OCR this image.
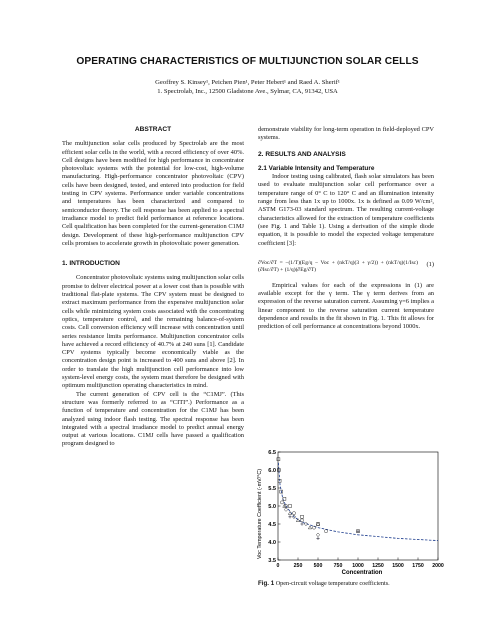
OPERATING CHARACTERISTICS OF MULTIJUNCTION SOLAR CELLS
Geoffrey S. Kinsey¹, Peichen Pien¹, Peter Hebert¹ and Raed A. Sherif¹
1. Spectrolab, Inc., 12500 Gladstone Ave., Sylmar, CA, 91342, USA
ABSTRACT

The multijunction solar cells produced by Spectrolab are the most efficient solar cells in the world, with a record efficiency of over 40%. Cell designs have been modified for high performance in concentrator photovoltaic systems with the potential for low-cost, high-volume manufacturing. High-performance concentrator photovoltaic (CPV) cells have been designed, tested, and entered into production for field testing in CPV systems. Performance under variable concentrations and temperatures has been characterized and compared to semiconductor theory. The cell response has been applied to a spectral irradiance model to predict field performance at reference locations. Cell qualification has been completed for the current-generation C1MJ design. Development of these high-performance multijunction CPV cells promises to accelerate growth in photovoltaic power generation.

1. INTRODUCTION

Concentrator photovoltaic systems using multijunction solar cells promise to deliver electrical power at a lower cost than is possible with traditional flat-plate systems. The CPV system must be designed to extract maximum performance from the expensive multijunction solar cells while minimizing system costs associated with the concentrating optics, temperature control, and the remaining balance-of-system costs. Cell conversion efficiency will increase with concentration until series resistance limits performance. Multijunction concentrator cells have achieved a record efficiency of 40.7% at 240 suns [1]. Candidate CPV systems typically become economically viable as the concentration design point is increased to 400 suns and above [2]. In order to translate the high multijunction cell performance into low system-level energy costs, the system must therefore be designed with optimum multijunction operating characteristics in mind.

The current generation of CPV cell is the “C1MJ”. (This structure was formerly referred to as “CITI”.) Performance as a function of temperature and concentration for the C1MJ has been analyzed using indoor flash testing. The spectral response has been integrated with a spectral irradiance model to predict annual energy output at various locations. C1MJ cells have passed a qualification program designed to

demonstrate viability for long-term operation in field-deployed CPV systems.

2. RESULTS AND ANALYSIS
2.1 Variable Intensity and Temperature

Indoor testing using calibrated, flash solar simulators has been used to evaluate multijunction solar cell performance over a temperature range of 0° C to 120° C and an illumination intensity range from less than 1x up to 1000x. 1x is defined as 0.09 W/cm², ASTM G173-03 standard spectrum. The resulting current-voltage characteristics allowed for the extraction of temperature coefficients (see Fig. 1 and Table 1). Using a derivation of the simple diode equation, it is possible to model the expected voltage temperature coefficient [3]:

∂Voc/∂T = −(1/T)(Eg/q − Voc + (nkT/q)(3 + γ/2)) + (nkT/q)(1/Isc)(∂Isc/∂T) + (1/q)(∂Eg/∂T)
(1)

Empirical values for each of the expressions in (1) are available except for the γ term. The γ term derives from an expression of the reverse saturation current. Assuming γ=6 implies a linear component to the reverse saturation current temperature dependence and results in the fit shown in Fig. 1. This fit allows for prediction of cell performance at concentrations beyond 1000x.

Voc Temperature Coefficient (-mV/°C)
Concentration
3.5
4.0
4.5
5.0
5.5
6.0
6.5
0	250 500 750 1000 1250 1500 1750 2000
Fig. 1 Open-circuit voltage temperature coefficients.
